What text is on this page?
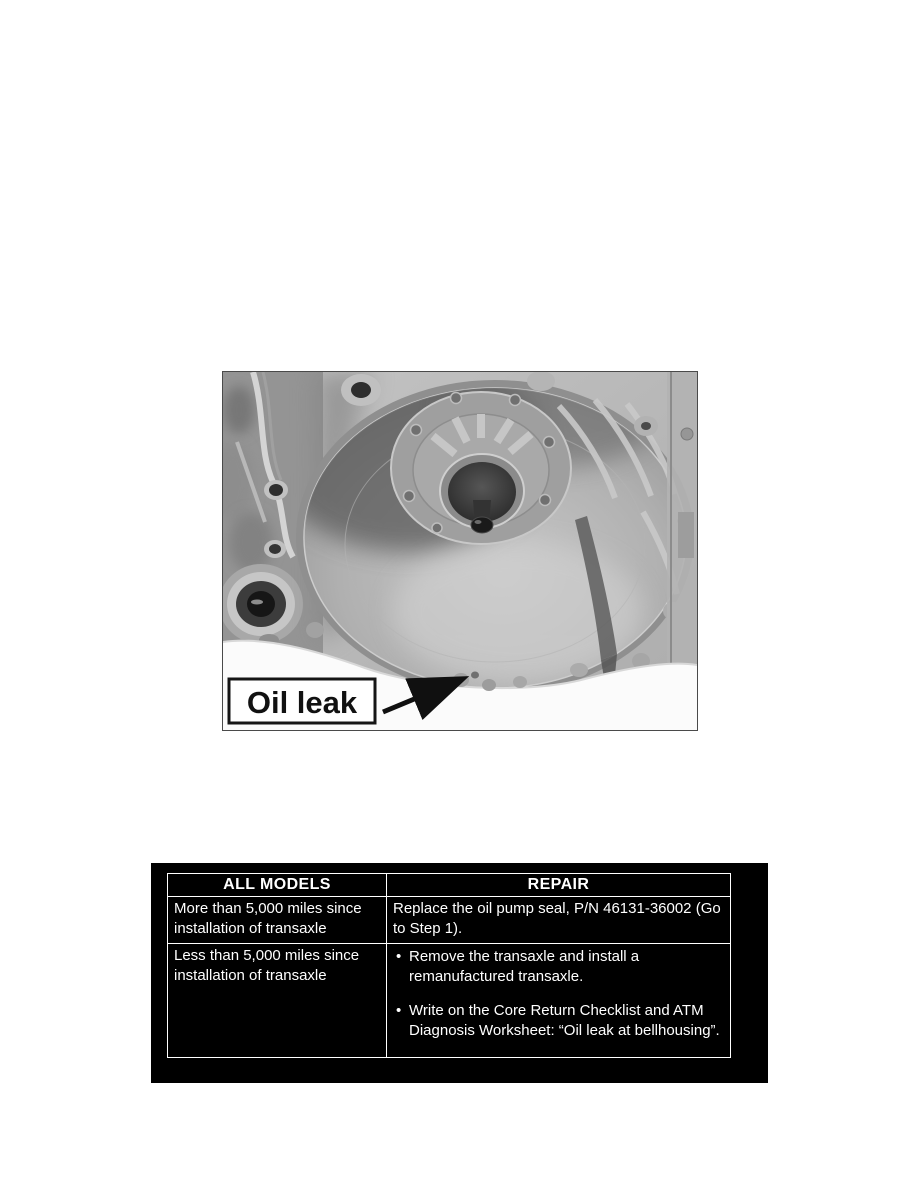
Oil leak
ALL MODELS	REPAIR
More than 5,000 miles since installation of transaxle	Replace the oil pump seal, P/N 46131-36002 (Go to Step 1).
Less than 5,000 miles since installation of transaxle	• Remove the transaxle and install a remanufactured transaxle.
• Write on the Core Return Checklist and ATM Diagnosis Worksheet: “Oil leak at bellhousing”.
